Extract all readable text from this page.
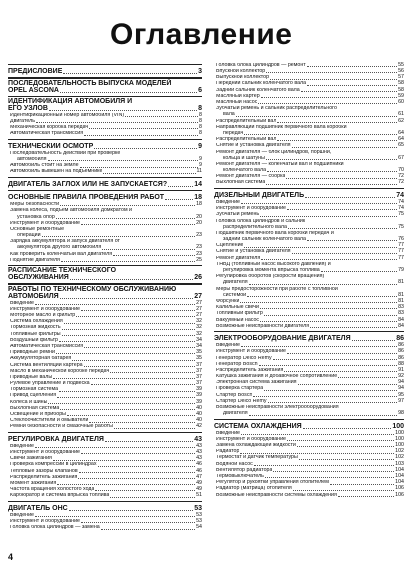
Оглавление
ПРЕДИСЛОВИЕ	3
ПОСЛЕДОВАТЕЛЬНОСТЬ ВЫПУСКА МОДЕЛЕЙ
OPEL ASCONA	6
ИДЕНТИФИКАЦИЯ АВТОМОБИЛЯ И
ЕГО УЗЛОВ	8
Идентификационный номер автомобиля (VIN)	8
Двигатель	8
Механическая коробка передач	8
Автоматическая трансмиссия	8
ТЕХНИЧЕСКИЙ ОСМОТР	9
Последовательность действий при проверке
автомобиля	9
Автомобиль стоит на земле	9
Автомобиль вывешен на подъемнике	11
ДВИГАТЕЛЬ ЗАГЛОХ ИЛИ НЕ ЗАПУСКАЕТСЯ?	14
ОСНОВНЫЕ ПРАВИЛА ПРОВЕДЕНИЯ РАБОТ	18
Меры безопасности	18
Замена колеса, подъем автомобиля домкратом и
установка опор	20
Инструмент и оборудование	20
Основные ремонтные
операции	23
Зарядка аккумулятора и запуск двигателя от
аккумулятора другого автомобиля	23
Как проверить коленчатый вал двигателя	23
Поднятие двигателя	25
РАСПИСАНИЕ ТЕХНИЧЕСКОГО
ОБСЛУЖИВАНИЯ	26
РАБОТЫ ПО ТЕХНИЧЕСКОМУ ОБСЛУЖИВАНИЮ
АВТОМОБИЛЯ	27
Введение	27
Инструмент и оборудование	27
Моторное масло и фильтр	27
Система охлаждения	32
Тормозная жидкость	32
Топливные фильтры	32
Воздушный фильтр	34
Автоматическая трансмиссия	34
Приводные ремни	35
Аккумуляторная батарея	35
Система вентиляции картера	37
Масло в механической коробке передач	37
Приводные валы	37
Рулевое управление и подвеска	37
Тормозная система	39
Привод сцепления	39
Колеса и шины	39
Выхлопная система	40
Освещение и приборы	40
Стеклоочистители и омыватели	40
Ремни безопасности и смазочные работы	42
РЕГУЛИРОВКА ДВИГАТЕЛЯ	43
Введение	43
Инструмент и оборудование	43
Свечи зажигания	43
Проверка компрессии в цилиндрах	46
Тепловые зазоры клапанов	46
Распределитель зажигания	47
Момент зажигания	49
Частота вращения холостого хода	49
Карбюратор и система впрыска топлива	51
ДВИГАТЕЛЬ OHC	53
Введение	53
Инструмент и оборудование	53
Головка блока цилиндров — замена	54
Головка блока цилиндров — ремонт	55
Впускной коллектор	56
Выпускной коллектор	57
Передний сальник коленчатого вала	58
Задний сальник коленчатого вала	58
Масляный картер	59
Масляный насос	60
Зубчатый ремень и сальник распределительного
вала	61
Распределительный вал	62
Направляющий подшипник первичного вала коробки
передач	64
Распределительный вал	64
Снятие и установка двигателя	65
Ремонт двигателя — блок цилиндров, поршни,
кольца и шатуны	67
Ремонт двигателя — коленчатый вал и подшипники
коленчатого вала	70
Ремонт двигателя — сборка	72
Выхлопная система	72
ДИЗЕЛЬНЫЙ ДВИГАТЕЛЬ	74
Введение	74
Инструмент и оборудование	74
Зубчатый ремень	75
Головка блока цилиндров и сальник
распределительного вала	75
Подшипник первичного вала коробки передач и
задний сальник коленчатого вала	76
Сцепление	77
Снятие и установка двигателя	77
Ремонт двигателя	77
ТНВД (топливный насос высокого давления) и
регулировка момента впрыска топлива	79
Регулировка оборотов (скорости вращения)
двигателя	81
Меры предосторожности при работе с топливной
системой	81
Форсунки	81
Калильные свечи	83
Топливный фильтр	83
Вакуумный насос	84
Возможные неисправности двигателя	84
ЭЛЕКТРООБОРУДОВАНИЕ ДВИГАТЕЛЯ	86
Введение	86
Инструмент и оборудование	86
Генератор Delco Remy	86
Генератор Bosch	88
Распределитель зажигания	91
Катушка зажигания и добавочное сопротивление	92
Электронная система зажигания	94
Проверка стартера	94
Стартер Bosch	95
Стартер Delco Remy	97
Возможные неисправности электрооборудования
двигателя	98
СИСТЕМА ОХЛАЖДЕНИЯ	100
Введение	100
Инструмент и оборудование	100
Замена охлаждающей жидкости	100
Радиатор	102
Термостат и датчик температуры	102
Водяной насос	103
Вентилятор радиатора	104
Термовыключатель	104
Регулятор и рукоятки управления отопителем	104
Радиатор (матрица) отопителя	106
Возможные неисправности системы охлаждения	106
4
